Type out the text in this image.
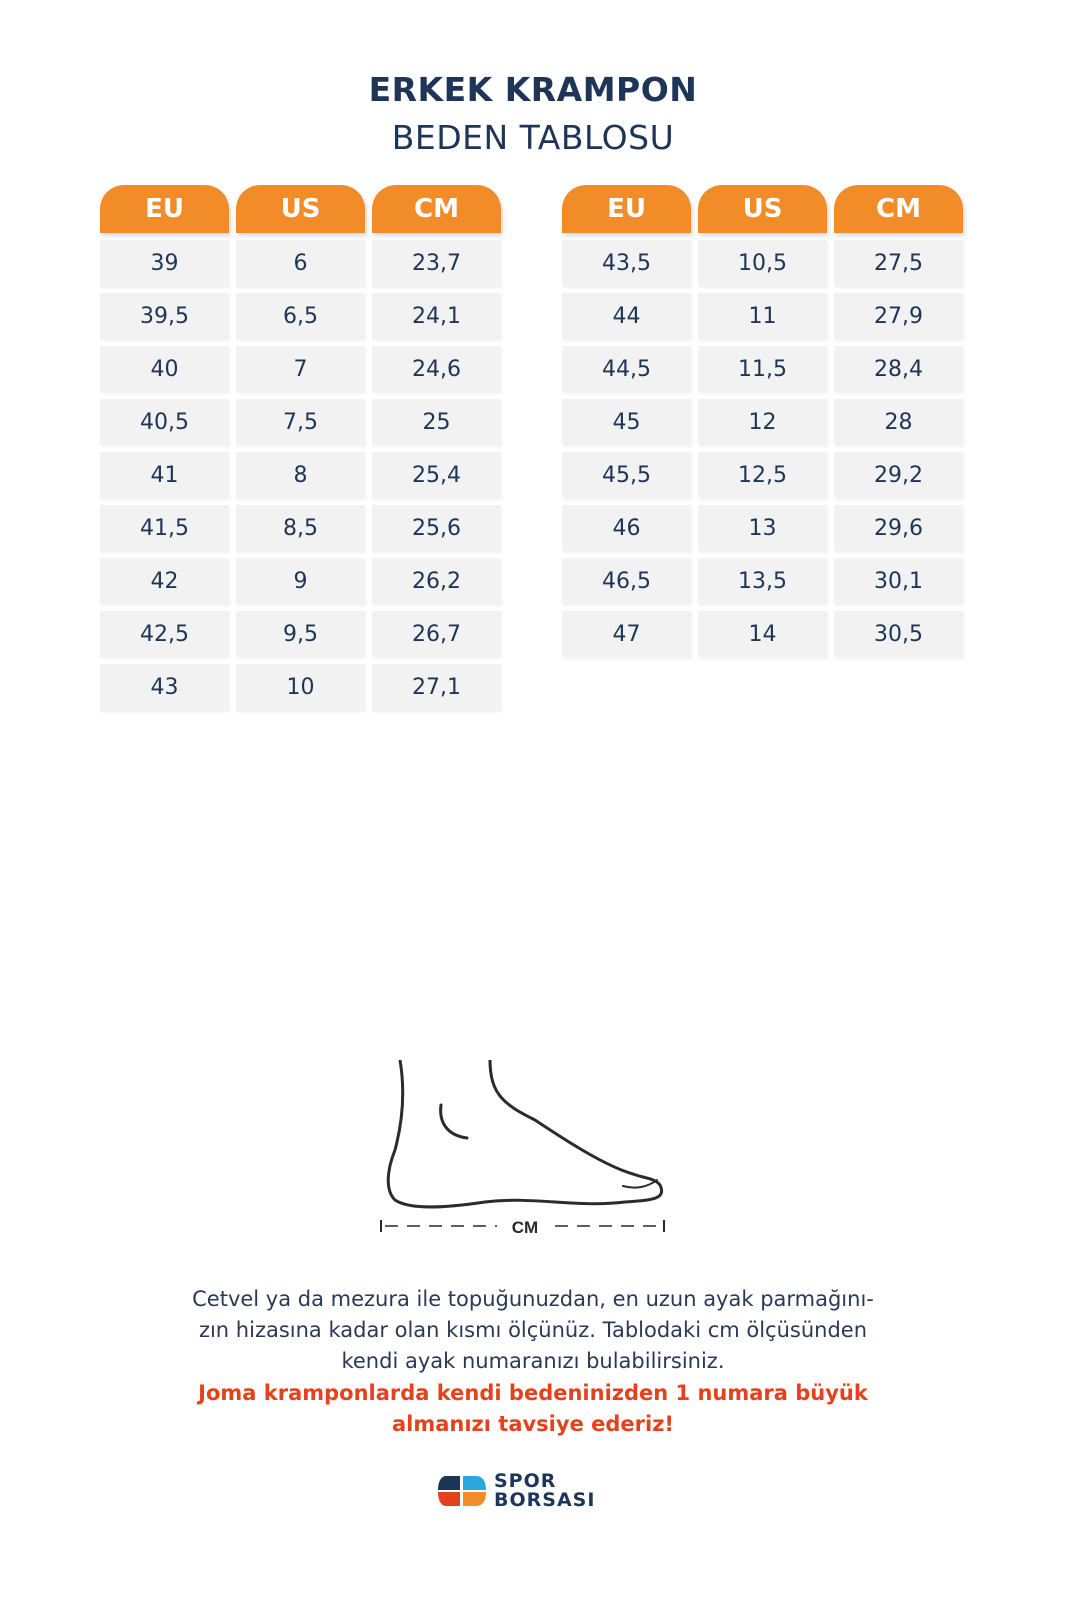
ERKEK KRAMPON
BEDEN TABLOSU
EU	US	CM
39	6	23,7
39,5	6,5	24,1
40	7	24,6
40,5	7,5	25
41	8	25,4
41,5	8,5	25,6
42	9	26,2
42,5	9,5	26,7
43	10	27,1
EU	US	CM
43,5	10,5	27,5
44	11	27,9
44,5	11,5	28,4
45	12	28
45,5	12,5	29,2
46	13	29,6
46,5	13,5	30,1
47	14	30,5
CM
Cetvel ya da mezura ile topuğunuzdan, en uzun ayak parmağını-
zın hizasına kadar olan kısmı ölçünüz. Tablodaki cm ölçüsünden
kendi ayak numaranızı bulabilirsiniz.
Joma kramponlarda kendi bedeninizden 1 numara büyük
almanızı tavsiye ederiz!
SPOR
BORSASI
